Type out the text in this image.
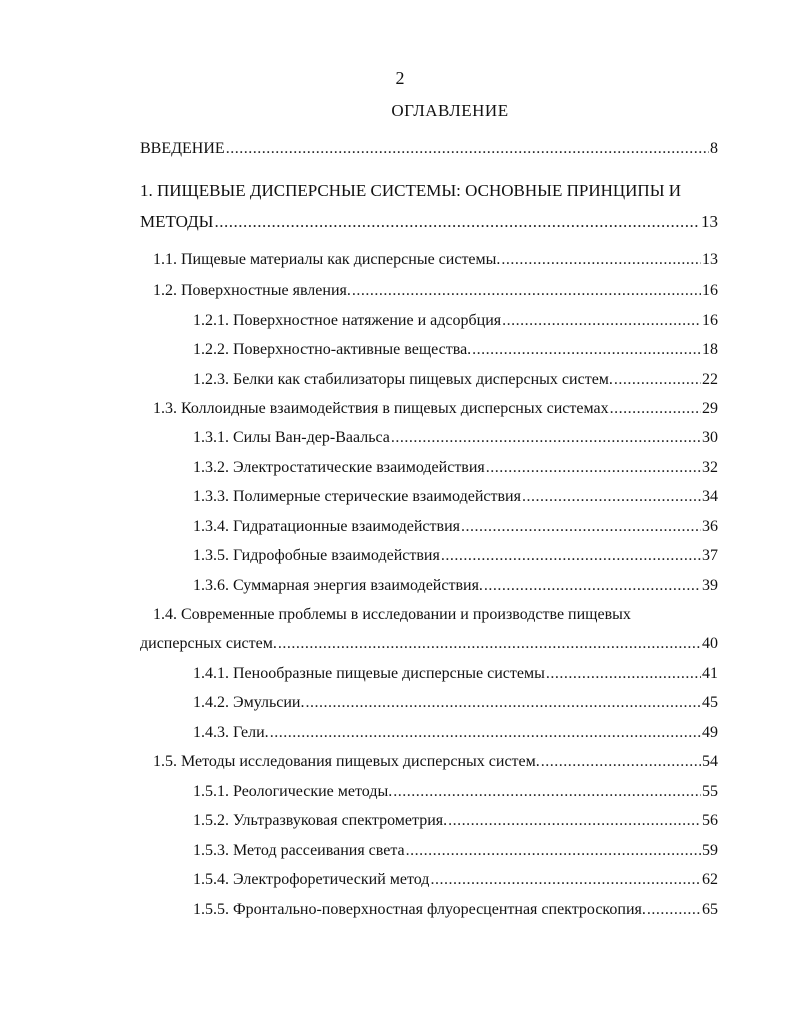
2
ОГЛАВЛЕНИЕ
ВВЕДЕНИЕ .....	8
1. ПИЩЕВЫЕ ДИСПЕРСНЫЕ СИСТЕМЫ: ОСНОВНЫЕ ПРИНЦИПЫ И
МЕТОДЫ .....	13
1.1. Пищевые материалы как дисперсные системы. .....	13
1.2. Поверхностные явления. .....	16
1.2.1. Поверхностное натяжение и адсорбция .....	16
1.2.2. Поверхностно-активные вещества. .....	18
1.2.3. Белки как стабилизаторы пищевых дисперсных систем. .....	22
1.3. Коллоидные взаимодействия в пищевых дисперсных системах .....	29
1.3.1. Силы Ван-дер-Ваальса .....	30
1.3.2. Электростатические взаимодействия .....	32
1.3.3. Полимерные стерические взаимодействия .....	34
1.3.4. Гидратационные взаимодействия .....	36
1.3.5. Гидрофобные взаимодействия .....	37
1.3.6. Суммарная энергия взаимодействия. .....	39
1.4. Современные проблемы в исследовании и производстве пищевых
дисперсных систем. .....	40
1.4.1. Пенообразные пищевые дисперсные системы .....	41
1.4.2. Эмульсии. .....	45
1.4.3. Гели. .....	49
1.5. Методы исследования пищевых дисперсных систем. .....	54
1.5.1. Реологические методы. .....	55
1.5.2. Ультразвуковая спектрометрия. .....	56
1.5.3. Метод рассеивания света .....	59
1.5.4. Электрофоретический метод .....	62
1.5.5. Фронтально-поверхностная флуоресцентная спектроскопия. .....	65
